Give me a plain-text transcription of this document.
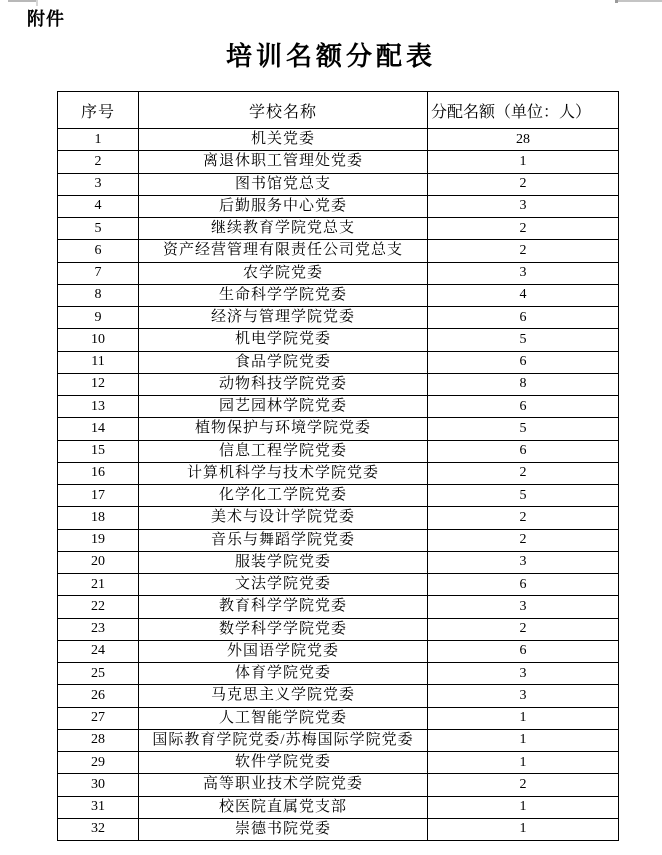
附件
培训名额分配表
序号	学校名称	分配名额（单位：人）
1	机关党委	28
2	离退休职工管理处党委	1
3	图书馆党总支	2
4	后勤服务中心党委	3
5	继续教育学院党总支	2
6	资产经营管理有限责任公司党总支	2
7	农学院党委	3
8	生命科学学院党委	4
9	经济与管理学院党委	6
10	机电学院党委	5
11	食品学院党委	6
12	动物科技学院党委	8
13	园艺园林学院党委	6
14	植物保护与环境学院党委	5
15	信息工程学院党委	6
16	计算机科学与技术学院党委	2
17	化学化工学院党委	5
18	美术与设计学院党委	2
19	音乐与舞蹈学院党委	2
20	服装学院党委	3
21	文法学院党委	6
22	教育科学学院党委	3
23	数学科学学院党委	2
24	外国语学院党委	6
25	体育学院党委	3
26	马克思主义学院党委	3
27	人工智能学院党委	1
28	国际教育学院党委/苏梅国际学院党委	1
29	软件学院党委	1
30	高等职业技术学院党委	2
31	校医院直属党支部	1
32	崇德书院党委	1
